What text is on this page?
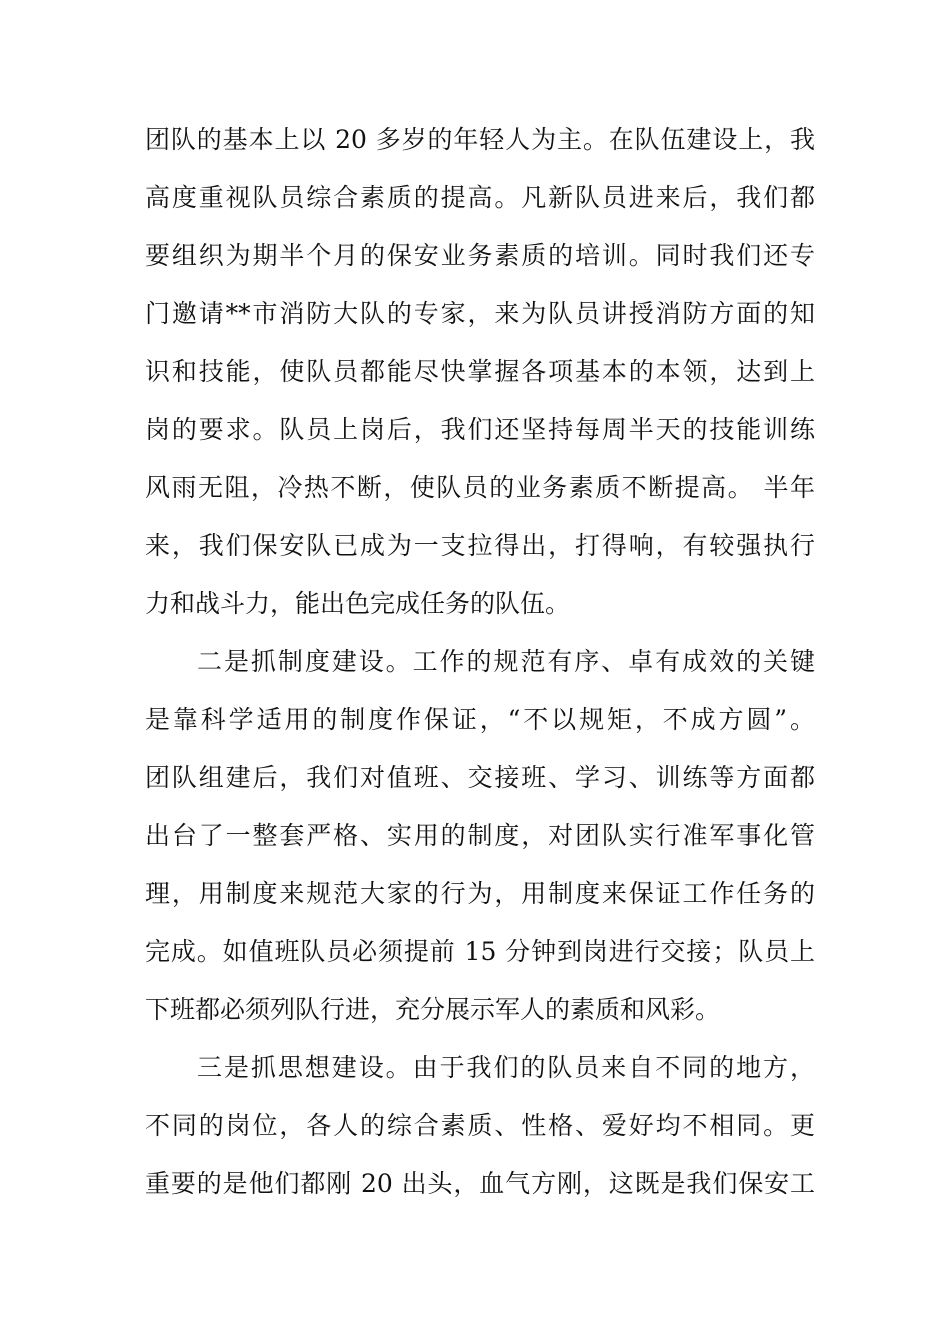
团队的基本上以 20 多岁的年轻人为主。在队伍建设上，我
高度重视队员综合素质的提高。凡新队员进来后，我们都
要组织为期半个月的保安业务素质的培训。同时我们还专
门邀请**市消防大队的专家，来为队员讲授消防方面的知
识和技能，使队员都能尽快掌握各项基本的本领，达到上
岗的要求。队员上岗后，我们还坚持每周半天的技能训练
风雨无阻，冷热不断，使队员的业务素质不断提高。 半年
来，我们保安队已成为一支拉得出，打得响，有较强执行
力和战斗力，能出色完成任务的队伍。
二是抓制度建设。工作的规范有序、卓有成效的关键
是靠科学适用的制度作保证，“不以规矩，不成方圆”。
团队组建后，我们对值班、交接班、学习、训练等方面都
出台了一整套严格、实用的制度，对团队实行准军事化管
理，用制度来规范大家的行为，用制度来保证工作任务的
完成。如值班队员必须提前 15 分钟到岗进行交接；队员上
下班都必须列队行进，充分展示军人的素质和风彩。
三是抓思想建设。由于我们的队员来自不同的地方，
不同的岗位，各人的综合素质、性格、爱好均不相同。更
重要的是他们都刚 20 出头，血气方刚，这既是我们保安工
